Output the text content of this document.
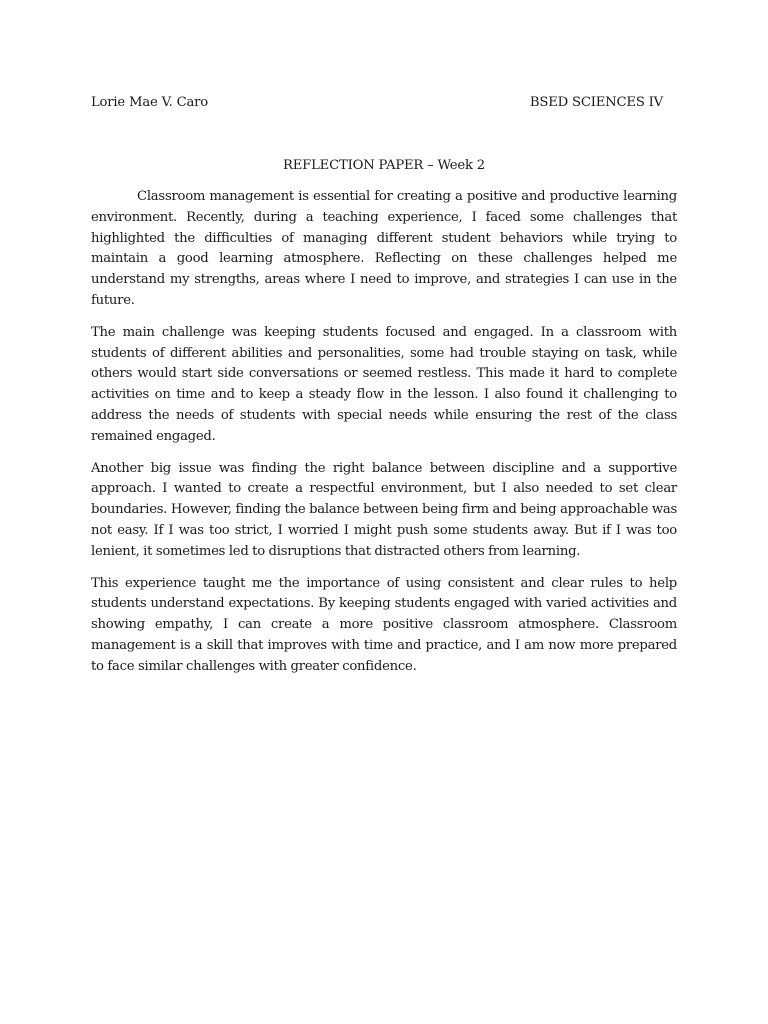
Lorie Mae V. Caro	BSED SCIENCES IV
REFLECTION PAPER – Week 2

Classroom management is essential for creating a positive and productive learning environment. Recently, during a teaching experience, I faced some challenges that highlighted the difficulties of managing different student behaviors while trying to maintain a good learning atmosphere. Reflecting on these challenges helped me understand my strengths, areas where I need to improve, and strategies I can use in the future.

The main challenge was keeping students focused and engaged. In a classroom with students of different abilities and personalities, some had trouble staying on task, while others would start side conversations or seemed restless. This made it hard to complete activities on time and to keep a steady flow in the lesson. I also found it challenging to address the needs of students with special needs while ensuring the rest of the class remained engaged.

Another big issue was finding the right balance between discipline and a supportive approach. I wanted to create a respectful environment, but I also needed to set clear boundaries. However, finding the balance between being firm and being approachable was not easy. If I was too strict, I worried I might push some students away. But if I was too lenient, it sometimes led to disruptions that distracted others from learning.

This experience taught me the importance of using consistent and clear rules to help students understand expectations. By keeping students engaged with varied activities and showing empathy, I can create a more positive classroom atmosphere. Classroom management is a skill that improves with time and practice, and I am now more prepared to face similar challenges with greater confidence.
